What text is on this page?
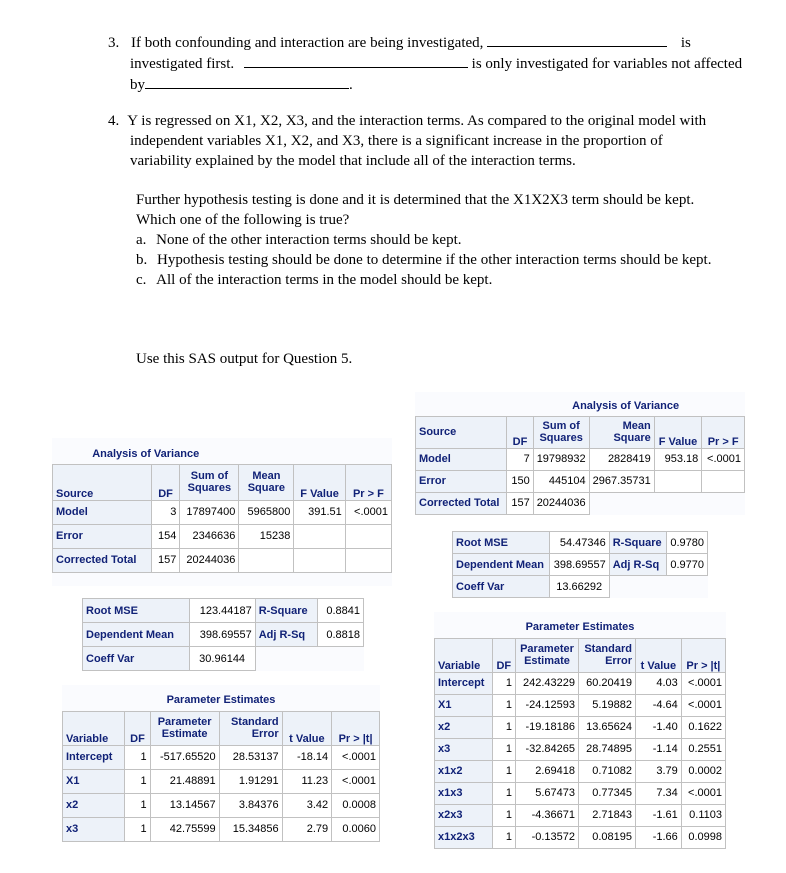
3. If both confounding and interaction are being investigated,	is
investigated first.	is only investigated for variables not affected
by	.
4. Y is regressed on X1, X2, X3, and the interaction terms. As compared to the original model with
independent variables X1, X2, and X3, there is a significant increase in the proportion of
variability explained by the model that include all of the interaction terms.
Further hypothesis testing is done and it is determined that the X1X2X3 term should be kept.
Which one of the following is true?
a. None of the other interaction terms should be kept.
b. Hypothesis testing should be done to determine if the other interaction terms should be kept.
c. All of the interaction terms in the model should be kept.
Use this SAS output for Question 5.
Analysis of Variance					
Source	DF	Sum of Squares	Mean Square	F Value	Pr > F
Model	3	17897400	5965800	391.51	<.0001
Error	154	2346636	15238		
Corrected Total	157	20244036			
Root MSE	123.44187	R-Square	0.8841
Dependent Mean	398.69557	Adj R-Sq	0.8818
Coeff Var	30.96144		
Parameter Estimates					
Variable	DF	Parameter Estimate	Standard Error	t Value	Pr > |t|
Intercept	1	-517.65520	28.53137	-18.14	<.0001
X1	1	21.48891	1.91291	11.23	<.0001
x2	1	13.14567	3.84376	3.42	0.0008
x3	1	42.75599	15.34856	2.79	0.0060
	Analysis of Variance				
Source	DF	Sum of Squares	Mean Square	F Value	Pr > F
Model	7	19798932	2828419	953.18	<.0001
Error	150	445104	2967.35731		
Corrected Total	157	20244036			
Root MSE	54.47346	R-Square	0.9780
Dependent Mean	398.69557	Adj R-Sq	0.9770
Coeff Var	13.66292		
Parameter Estimates					
Variable	DF	Parameter Estimate	Standard Error	t Value	Pr > |t|
Intercept	1	242.43229	60.20419	4.03	<.0001
X1	1	-24.12593	5.19882	-4.64	<.0001
x2	1	-19.18186	13.65624	-1.40	0.1622
x3	1	-32.84265	28.74895	-1.14	0.2551
x1x2	1	2.69418	0.71082	3.79	0.0002
x1x3	1	5.67473	0.77345	7.34	<.0001
x2x3	1	-4.36671	2.71843	-1.61	0.1103
x1x2x3	1	-0.13572	0.08195	-1.66	0.0998
